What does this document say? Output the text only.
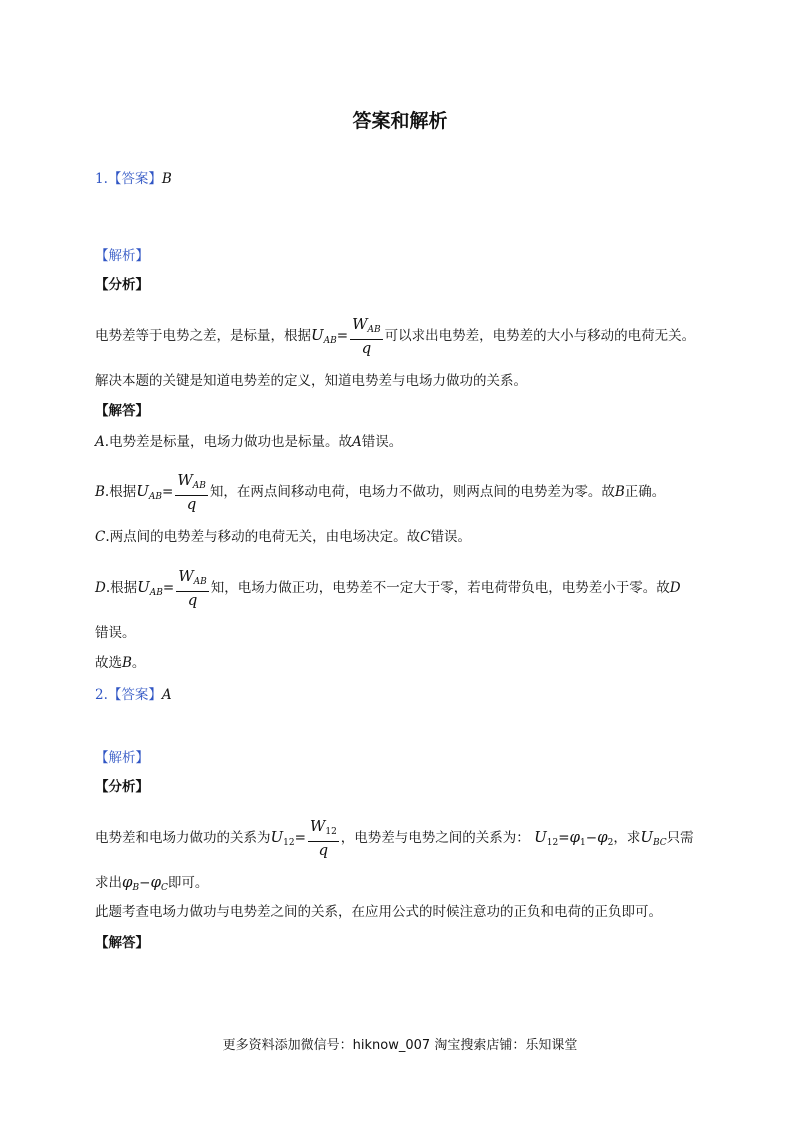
答案和解析
1.【答案】B
【解析】
【分析】
电势差等于电势之差，是标量，根据$U_{AB}= \frac{W_{AB}}{q}$ 可以求出电势差，电势差的大小与移动的电荷无关。
解决本题的关键是知道电势差的定义，知道电势差与电场力做功的关系。
【解答】
A.电势差是标量，电场力做功也是标量。故A错误。
B.根据$U_{AB}= \frac{W_{AB}}{q}$ 知，在两点间移动电荷，电场力不做功，则两点间的电势差为零。故B正确。
C.两点间的电势差与移动的电荷无关，由电场决定。故C错误。
D.根据$U_{AB}= \frac{W_{AB}}{q}$ 知，电场力做正功，电势差不一定大于零，若电荷带负电，电势差小于零。故D
错误。
故选B。
2.【答案】A
【解析】
【分析】
电势差和电场力做功的关系为$U_{12}= \frac{W_{12}}{q}$ ，电势差与电势之间的关系为： $U_{12}=\varphi_1-\varphi_2$，求$U_{BC}$只需
求出$\varphi_B-\varphi_C$即可。
此题考查电场力做功与电势差之间的关系，在应用公式的时候注意功的正负和电荷的正负即可。
【解答】
更多资料添加微信号：hiknow_007 淘宝搜索店铺：乐知课堂
